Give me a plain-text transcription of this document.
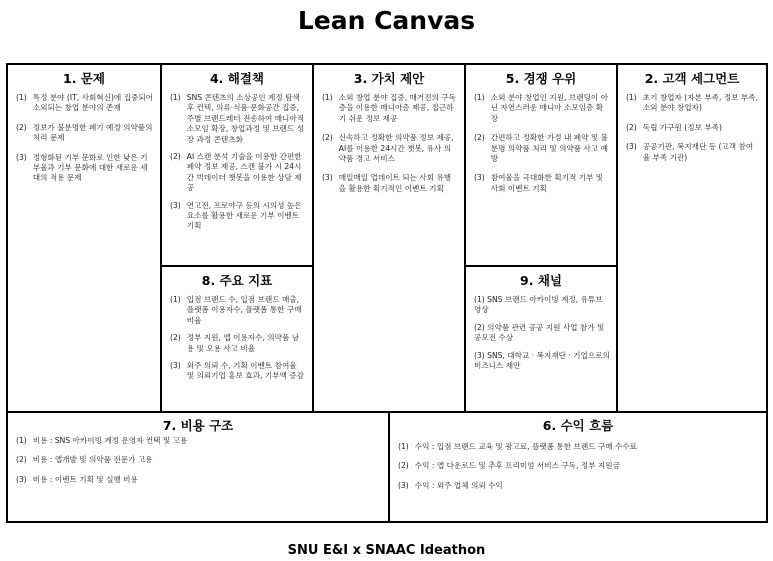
Lean Canvas
1. 문제
(1) 특정 분야 (IT, 사회혁신)에 집중되어 소외되는 창업 분야의 존재
(2) 정보가 불분명한 폐기 예정 의약품의 처리 문제
(3) 정형화된 기부 문화로 인한 낮은 기부율과 기부 문화에 대한 새로운 세대의 적용 문제
4. 해결책
(1) SNS 콘텐츠의 소상공인 계정 탐색 후 컨텍, 의류·식품·문화공간 집중, 주별 브랜드레터 전송하여 매니아적 소모임 확장, 창업과정 및 브랜드 성장 과정 콘텐츠화
(2) AI 스캔 분석 기술을 이용한 간편한 폐약 정보 제공, 스캔 불가 시 24시간 빅데이터 챗봇을 이용한 상담 제공
(3) 연고전, 프로야구 등의 시의성 높은 요소를 활용한 새로운 기부 이벤트 기획
8. 주요 지표
(1) 입점 브랜드 수, 입점 브랜드 매출, 플랫폼 이용자수, 플랫폼 통한 구매 비율
(2) 정부 지원, 앱 이용자수, 의약품 남용 및 오용 사고 비율
(3) 외주 의뢰 수, 기획 이벤트 참여율 및 의뢰기업 홍보 효과, 기부액 증감
3. 가치 제안
(1) 소외 창업 분야 집중, 매거진의 구독층을 이용한 매니아층 제공, 접근하기 쉬운 정보 제공
(2) 신속하고 정확한 의약품 정보 제공, AI를 이용한 24시간 챗봇, 유사 의약품 경고 서비스
(3) 매일매일 업데이트 되는 사회 유행을 활용한 획기적인 이벤트 기획
5. 경쟁 우위
(1) 소외 분야 창업인 지원, 브랜딩이 아닌 자연스러운 매니아 소모임층 확장
(2) 간편하고 정확한 가정 내 폐약 및 불분명 의약품 처리 및 의약품 사고 예방
(3) 참여율을 극대화한 획기적 기부 및 사회 이벤트 기획
9. 채널
(1) SNS 브랜드 아카이빙 계정, 유튜브 영상
(2) 의약품 관련 공공 지원 사업 참가 및 공모전 수상
(3) SNS, 대학교 · 복지재단 · 기업으로의 비즈니스 제안
2. 고객 세그먼트
(1) 초기 창업자 (자본 부족, 정보 부족, 소외 분야 창업자)
(2) 독립 가구원 (정보 부족)
(3) 공공기관, 복지재단 등 (고객 참여율 부족 기관)
7. 비용 구조
(1) 비용 : SNS 아카이빙 계정 운영자 컨택 및 고용
(2) 비용 : 앱개발 및 의약품 전문가 고용
(3) 비용 : 이벤트 기획 및 실행 비용
6. 수익 흐름
(1) 수익 : 입점 브랜드 교육 및 광고료, 플랫폼 통한 브랜드 구매 수수료
(2) 수익 : 앱 다운로드 및 추후 프리미엄 서비스 구독, 정부 지원금
(3) 수익 : 외주 업체 의뢰 수익
SNU E&I x SNAAC Ideathon
